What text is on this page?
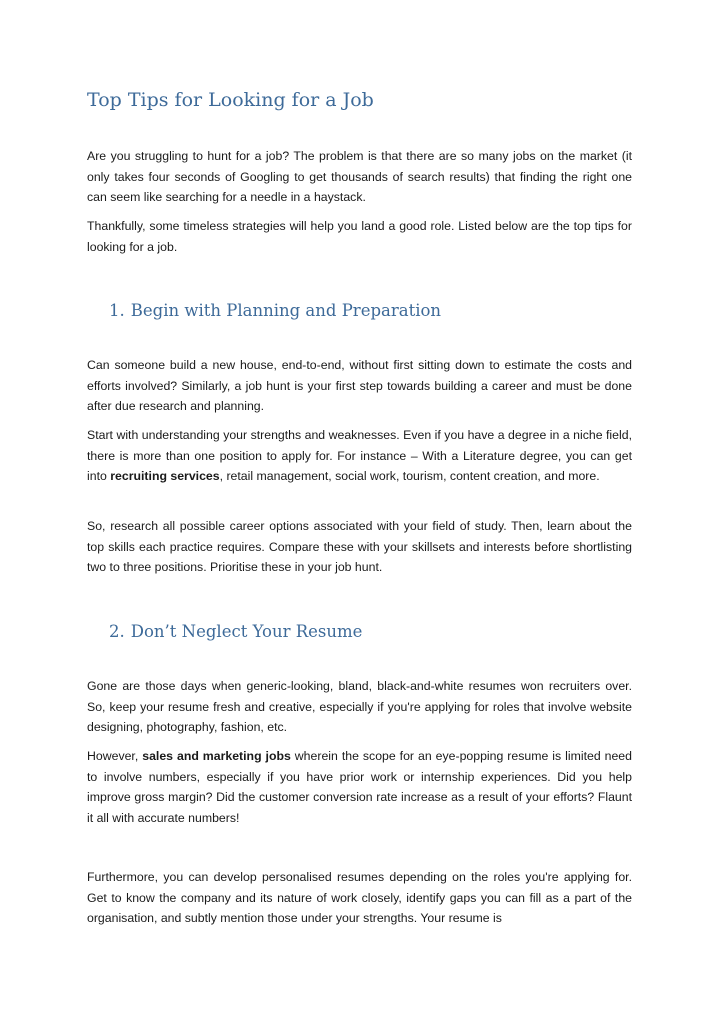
Top Tips for Looking for a Job

Are you struggling to hunt for a job? The problem is that there are so many jobs on the market (it only takes four seconds of Googling to get thousands of search results) that finding the right one can seem like searching for a needle in a haystack.

Thankfully, some timeless strategies will help you land a good role. Listed below are the top tips for looking for a job.

1. Begin with Planning and Preparation

Can someone build a new house, end-to-end, without first sitting down to estimate the costs and efforts involved? Similarly, a job hunt is your first step towards building a career and must be done after due research and planning.

Start with understanding your strengths and weaknesses. Even if you have a degree in a niche field, there is more than one position to apply for. For instance – With a Literature degree, you can get into recruiting services, retail management, social work, tourism, content creation, and more.

So, research all possible career options associated with your field of study. Then, learn about the top skills each practice requires. Compare these with your skillsets and interests before shortlisting two to three positions. Prioritise these in your job hunt.

2. Don’t Neglect Your Resume

Gone are those days when generic-looking, bland, black-and-white resumes won recruiters over. So, keep your resume fresh and creative, especially if you're applying for roles that involve website designing, photography, fashion, etc.

However, sales and marketing jobs wherein the scope for an eye-popping resume is limited need to involve numbers, especially if you have prior work or internship experiences. Did you help improve gross margin? Did the customer conversion rate increase as a result of your efforts? Flaunt it all with accurate numbers!

Furthermore, you can develop personalised resumes depending on the roles you're applying for. Get to know the company and its nature of work closely, identify gaps you can fill as a part of the organisation, and subtly mention those under your strengths. Your resume is
